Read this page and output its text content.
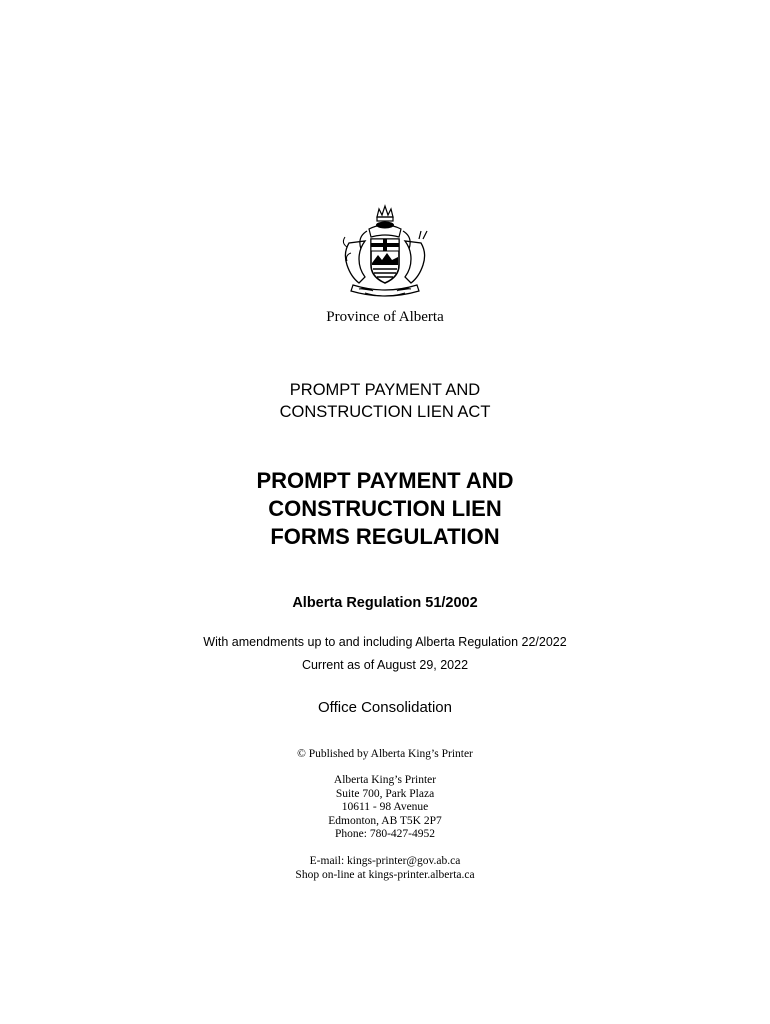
Province of Alberta
PROMPT PAYMENT AND
CONSTRUCTION LIEN ACT
PROMPT PAYMENT AND
CONSTRUCTION LIEN
FORMS REGULATION
Alberta Regulation 51/2002
With amendments up to and including Alberta Regulation 22/2022
Current as of August 29, 2022
Office Consolidation
© Published by Alberta King’s Printer
Alberta King’s Printer
Suite 700, Park Plaza
10611 - 98 Avenue
Edmonton, AB T5K 2P7
Phone: 780-427-4952
E-mail: kings-printer@gov.ab.ca
Shop on-line at kings-printer.alberta.ca
